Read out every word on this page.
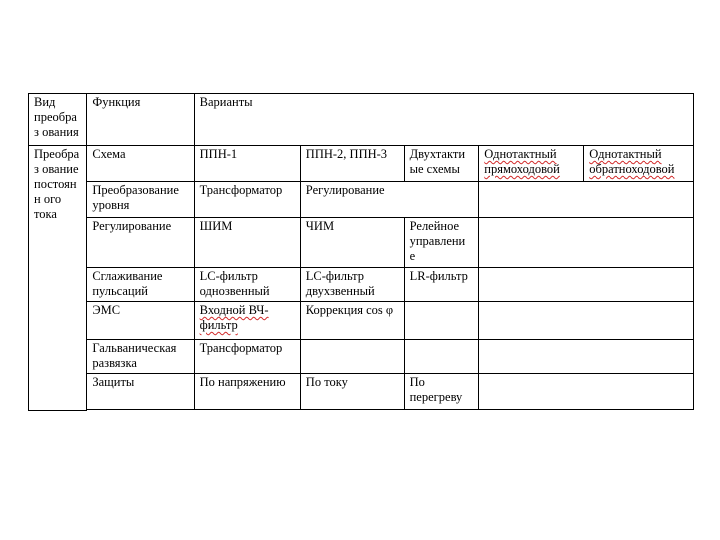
Вид преобраз ования	Функция	Варианты				
Преобраз ование постоянн ого тока	Схема	ППН-1	ППН-2, ППН-3	Двухтакти ые схемы	Однотактный прямоходовой	Однотактный обратноходовой
	Преобразование уровня	Трансформатор	Регулирование			
	Регулирование	ШИМ	ЧИМ	Релейное управлени е		
	Сглаживание пульсаций	LC-фильтр однозвенный	LC-фильтр двухзвенный	LR-фильтр		
	ЭМС	Входной ВЧ- фильтр	Коррекция cos φ			
	Гальваническая развязка	Трансформатор				
	Защиты	По напряжению	По току	По перегреву		
